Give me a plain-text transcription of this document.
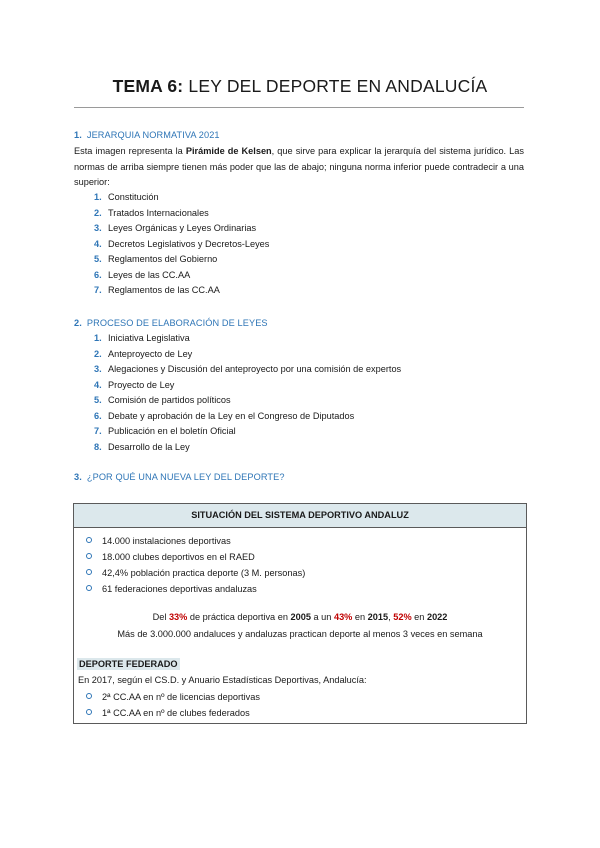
TEMA 6: LEY DEL DEPORTE EN ANDALUCÍA
1. JERARQUIA NORMATIVA 2021
Esta imagen representa la Pirámide de Kelsen, que sirve para explicar la jerarquía del sistema jurídico. Las normas de arriba siempre tienen más poder que las de abajo; ninguna norma inferior puede contradecir a una superior:
1. Constitución
2. Tratados Internacionales
3. Leyes Orgánicas y Leyes Ordinarias
4. Decretos Legislativos y Decretos-Leyes
5. Reglamentos del Gobierno
6. Leyes de las CC.AA
7. Reglamentos de las CC.AA
2. PROCESO DE ELABORACIÓN DE LEYES
1. Iniciativa Legislativa
2. Anteproyecto de Ley
3. Alegaciones y Discusión del anteproyecto por una comisión de expertos
4. Proyecto de Ley
5. Comisión de partidos políticos
6. Debate y aprobación de la Ley en el Congreso de Diputados
7. Publicación en el boletín Oficial
8. Desarrollo de la Ley
3. ¿POR QUÉ UNA NUEVA LEY DEL DEPORTE?
SITUACIÓN DEL SISTEMA DEPORTIVO ANDALUZ
14.000 instalaciones deportivas
18.000 clubes deportivos en el RAED
42,4% población practica deporte (3 M. personas)
61 federaciones deportivas andaluzas
Del 33% de práctica deportiva en 2005 a un 43% en 2015, 52% en 2022
Más de 3.000.000 andaluces y andaluzas practican deporte al menos 3 veces en semana
DEPORTE FEDERADO
En 2017, según el CS.D. y Anuario Estadísticas Deportivas, Andalucía:
2ª CC.AA en nº de licencias deportivas
1ª CC.AA en nº de clubes federados
